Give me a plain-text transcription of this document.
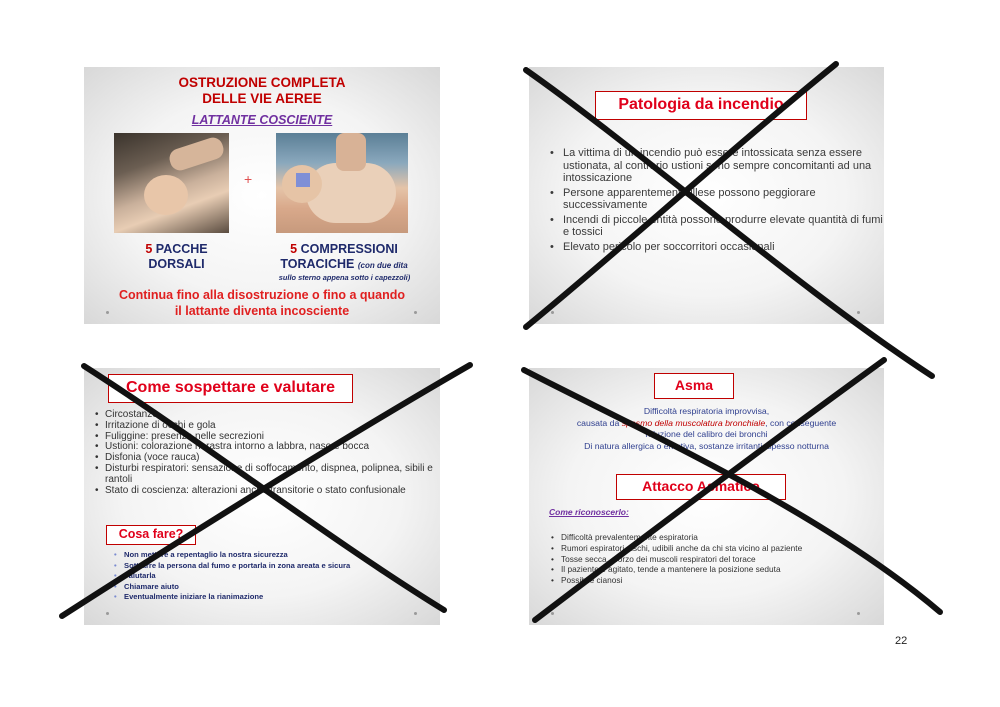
OSTRUZIONE COMPLETA
DELLE VIE AEREE
LATTANTE COSCIENTE
+
5 PACCHE
DORSALI
5 COMPRESSIONI
TORACICHE (con due dita
sullo sterno appena sotto i capezzoli)
Continua fino alla disostruzione o fino a quando
il lattante diventa incosciente
Patologia da incendio
• La vittima di un incendio può essere intossicata senza essere ustionata, al contrario ustioni sono sempre concomitanti ad una intossicazione
• Persone apparentemente illese possono peggiorare successivamente
• Incendi di piccole entità possono produrre elevate quantità di fumi e tossici
• Elevato pericolo per soccorritori occasionali
Come sospettare e valutare
• Circostanze
• Irritazione di occhi e gola
• Fuliggine: presenza nelle secrezioni
• Ustioni: colorazione nerastra intorno a labbra, naso e bocca
• Disfonia (voce rauca)
• Disturbi respiratori: sensazione di soffocamento, dispnea, polipnea, sibili e rantoli
• Stato di coscienza: alterazioni anche transitorie o stato confusionale
Cosa fare?
• Non mettere a repentaglio la nostra sicurezza
• Sottrarre la persona dal fumo e portarla in zona areata e sicura
• Valutarla
• Chiamare aiuto
• Eventualmente iniziare la rianimazione
Asma
Difficoltà respiratoria improvvisa,
causata da spasmo della muscolatura bronchiale, con conseguente
riduzione del calibro dei bronchi
Di natura allergica o emotiva, sostanze irritanti, spesso notturna
Attacco Asmatico
Come riconoscerlo:
• Difficoltà prevalentemente espiratoria
• Rumori espiratori, fischi, udibili anche da chi sta vicino al paziente
• Tosse secca, sforzo dei muscoli respiratori del torace
• Il paziente è agitato, tende a mantenere la posizione seduta
• Possibile cianosi
22
